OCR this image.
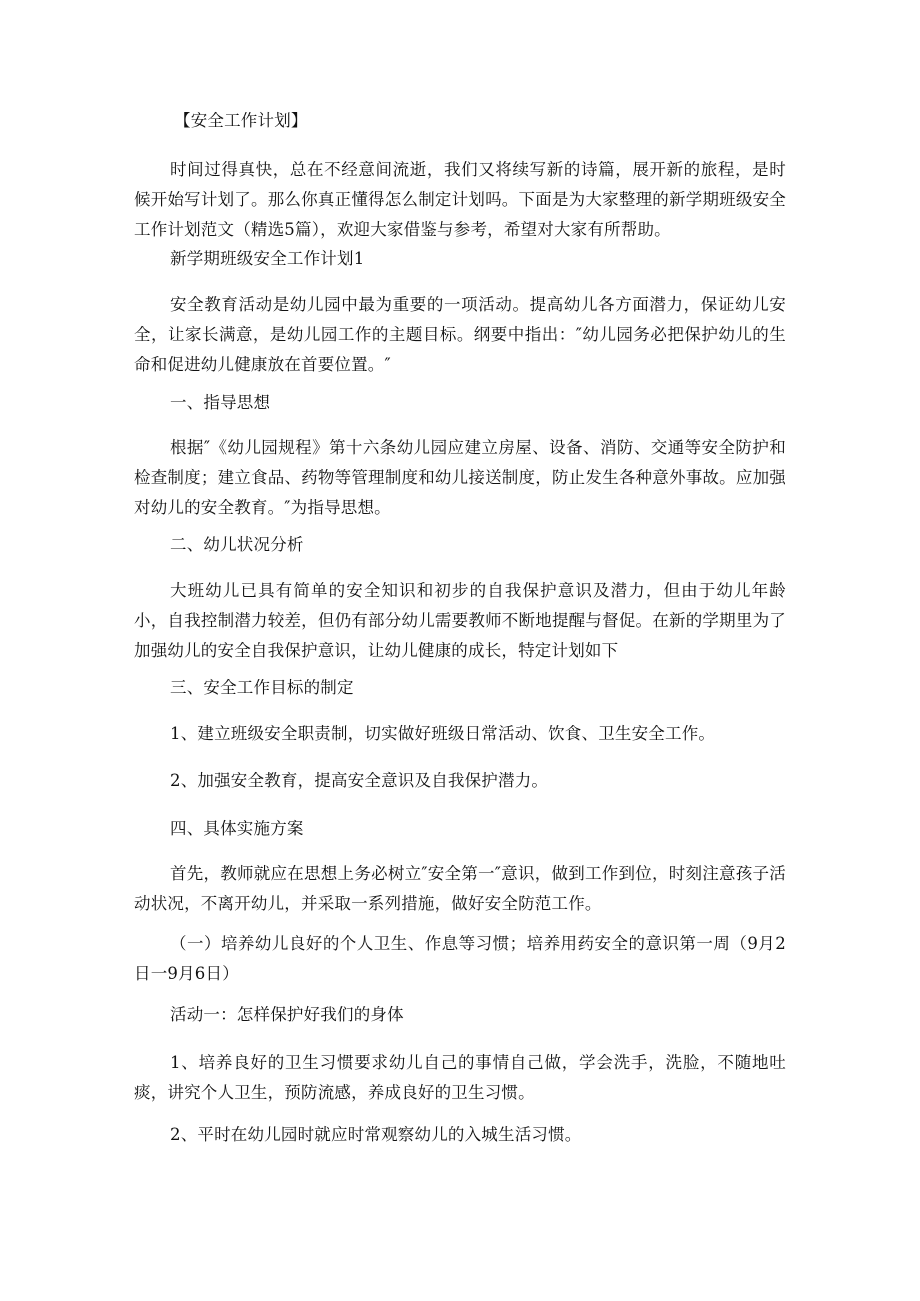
【安全工作计划】

时间过得真快，总在不经意间流逝，我们又将续写新的诗篇，展开新的旅程，是时候开始写计划了。那么你真正懂得怎么制定计划吗。下面是为大家整理的新学期班级安全工作计划范文（精选5篇），欢迎大家借鉴与参考，希望对大家有所帮助。

新学期班级安全工作计划1

安全教育活动是幼儿园中最为重要的一项活动。提高幼儿各方面潜力，保证幼儿安全，让家长满意，是幼儿园工作的主题目标。纲要中指出：″幼儿园务必把保护幼儿的生命和促进幼儿健康放在首要位置。″

一、指导思想

根据″《幼儿园规程》第十六条幼儿园应建立房屋、设备、消防、交通等安全防护和检查制度；建立食品、药物等管理制度和幼儿接送制度，防止发生各种意外事故。应加强对幼儿的安全教育。″为指导思想。

二、幼儿状况分析

大班幼儿已具有简单的安全知识和初步的自我保护意识及潜力，但由于幼儿年龄小，自我控制潜力较差，但仍有部分幼儿需要教师不断地提醒与督促。在新的学期里为了加强幼儿的安全自我保护意识，让幼儿健康的成长，特定计划如下

三、安全工作目标的制定

1、建立班级安全职责制，切实做好班级日常活动、饮食、卫生安全工作。

2、加强安全教育，提高安全意识及自我保护潜力。

四、具体实施方案

首先，教师就应在思想上务必树立″安全第一″意识，做到工作到位，时刻注意孩子活动状况，不离开幼儿，并采取一系列措施，做好安全防范工作。

（一）培养幼儿良好的个人卫生、作息等习惯；培养用药安全的意识第一周（9月2日一9月6日）

活动一：怎样保护好我们的身体

1、培养良好的卫生习惯要求幼儿自己的事情自己做，学会洗手，洗脸，不随地吐痰，讲究个人卫生，预防流感，养成良好的卫生习惯。

2、平时在幼儿园时就应时常观察幼儿的入城生活习惯。
